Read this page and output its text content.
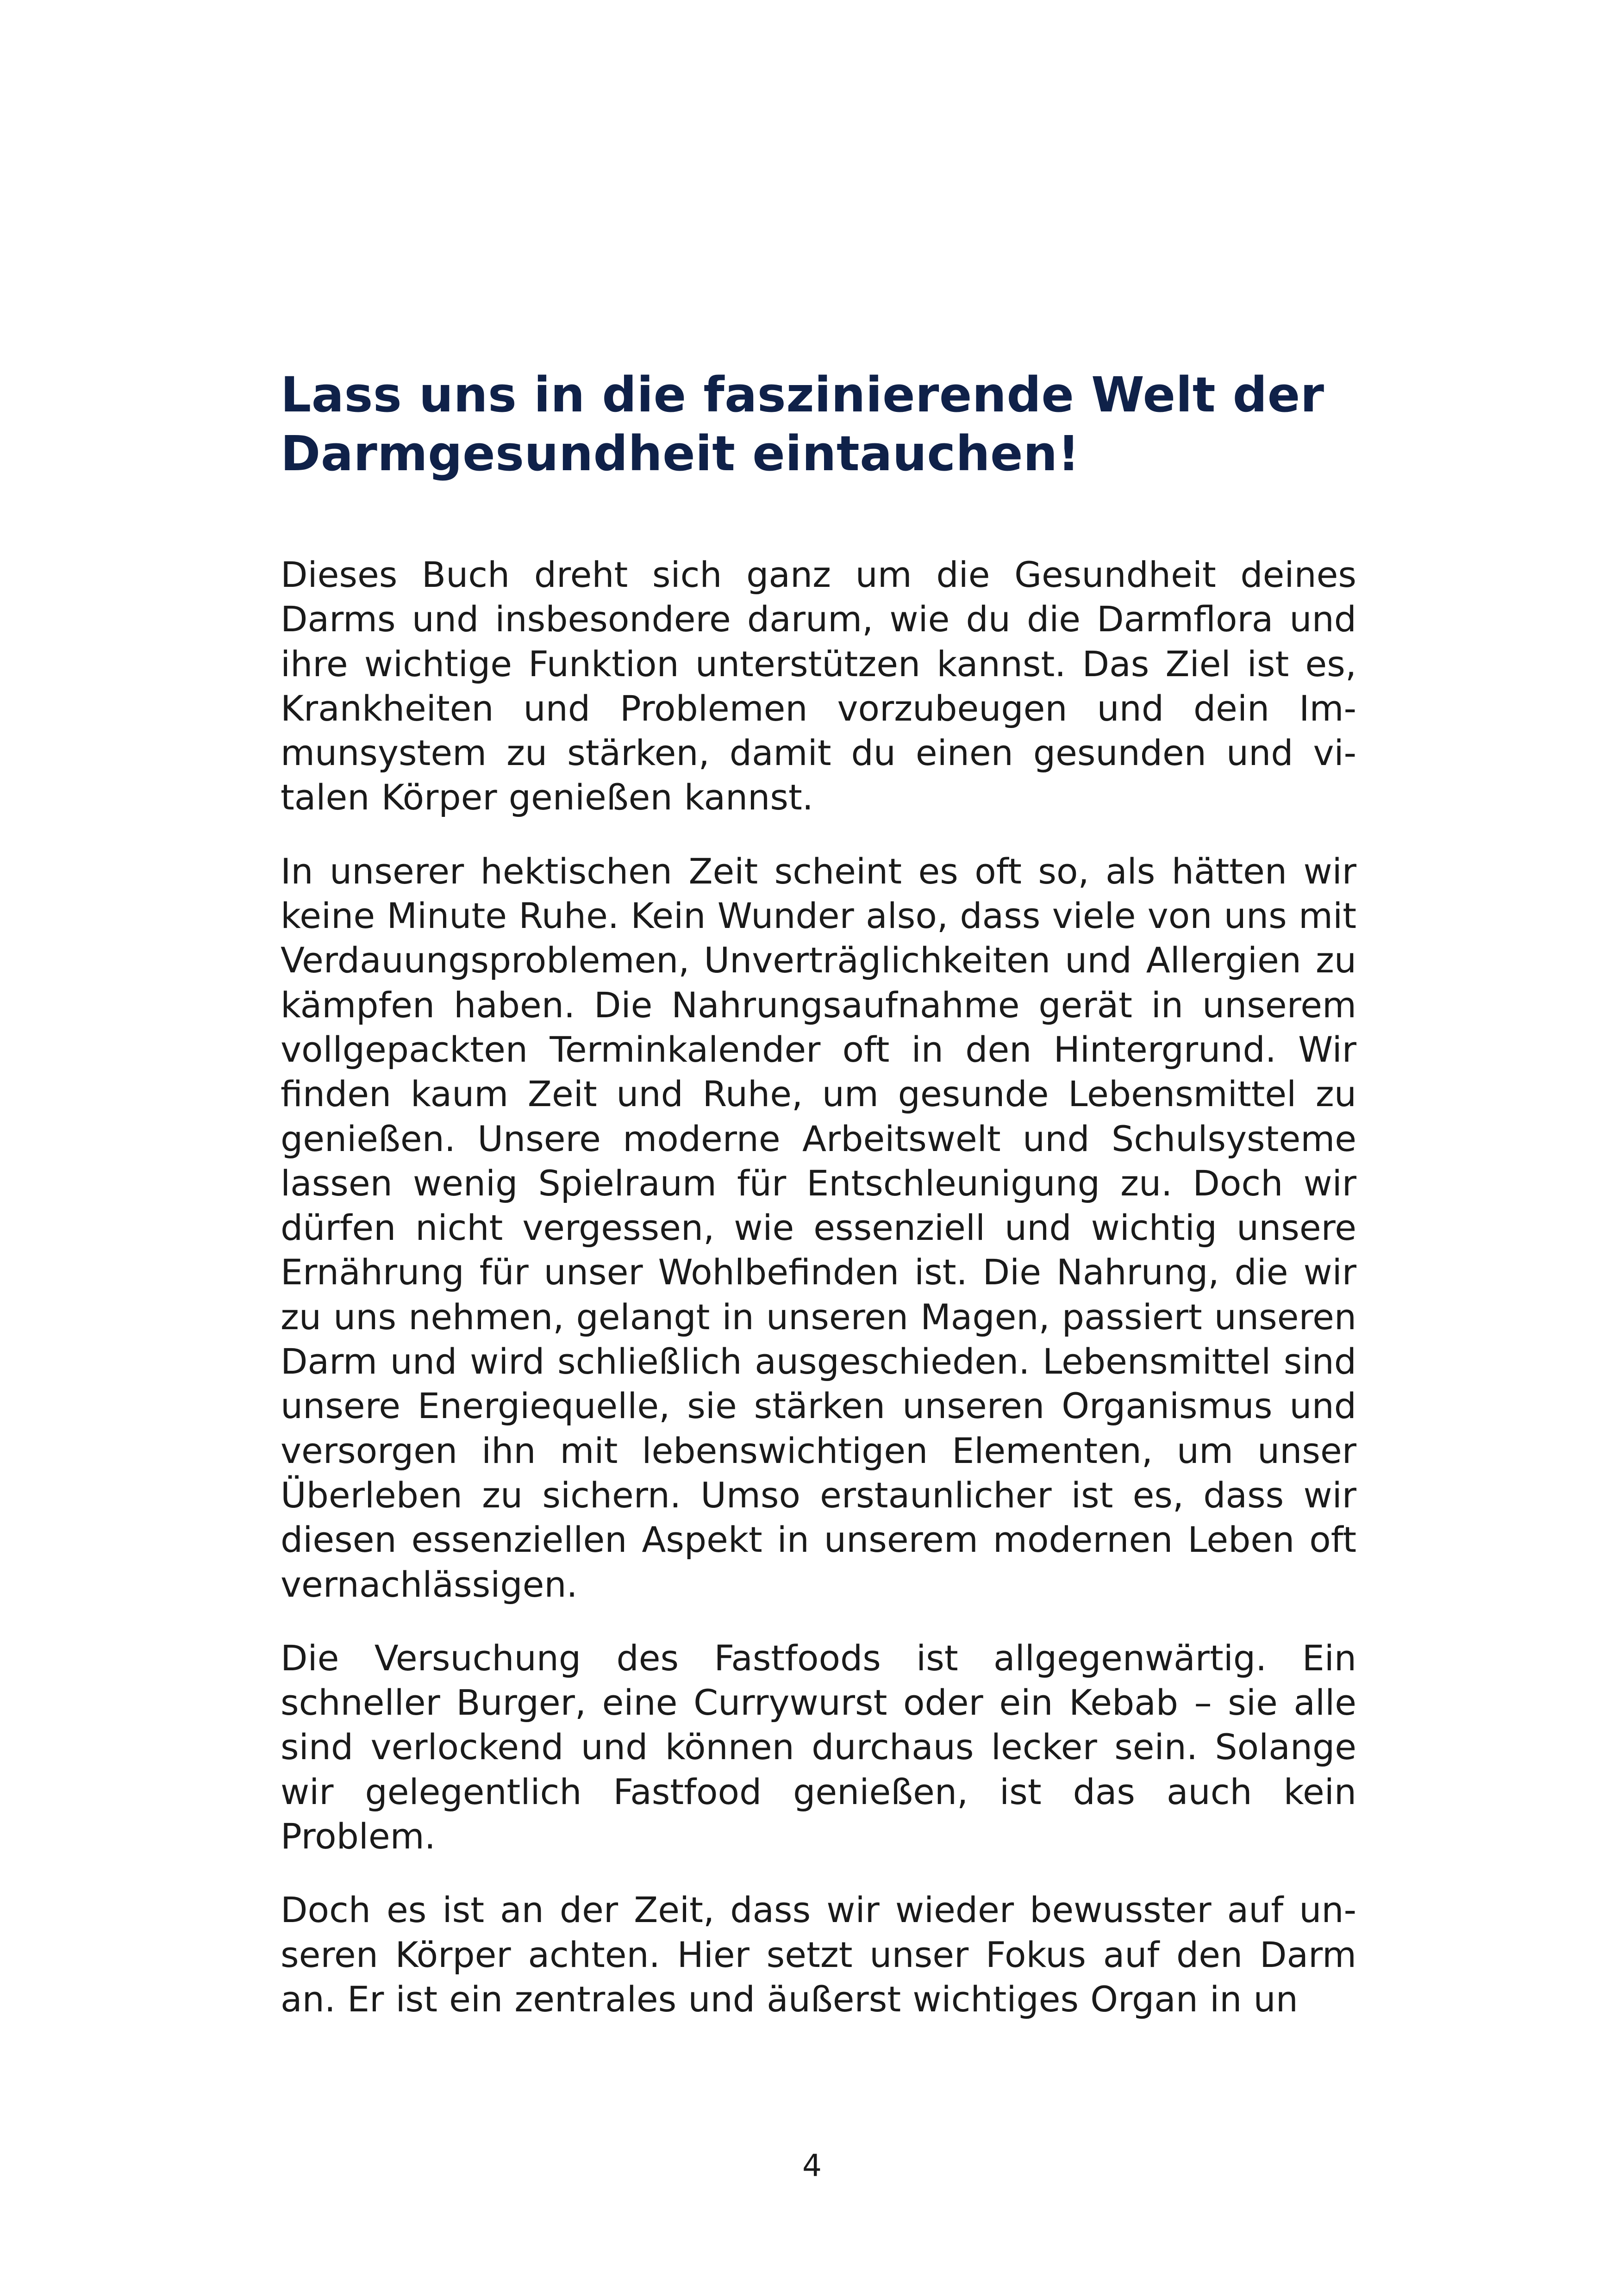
Lass uns in die faszinierende Welt der Darmgesundheit eintauchen!

Dieses Buch dreht sich ganz um die Gesundheit deines Darms und insbesondere darum, wie du die Darmflora und ihre wichtige Funktion unterstützen kannst. Das Ziel ist es, Krankheiten und Problemen vorzubeugen und dein Immunsystem zu stärken, damit du einen gesunden und vitalen Körper genießen kannst.

In unserer hektischen Zeit scheint es oft so, als hätten wir keine Minute Ruhe. Kein Wunder also, dass viele von uns mit Verdauungsproblemen, Unverträglichkeiten und Allergien zu kämpfen haben. Die Nahrungsaufnahme gerät in unserem vollgepackten Terminkalender oft in den Hintergrund. Wir finden kaum Zeit und Ruhe, um gesunde Lebensmittel zu genießen. Unsere moderne Arbeitswelt und Schulsysteme lassen wenig Spielraum für Entschleunigung zu. Doch wir dürfen nicht vergessen, wie essenziell und wichtig unsere Ernährung für unser Wohlbefinden ist. Die Nahrung, die wir zu uns nehmen, gelangt in unseren Magen, passiert unseren Darm und wird schließlich ausgeschieden. Lebensmittel sind unsere Energiequelle, sie stärken unseren Organismus und versorgen ihn mit lebenswichtigen Elementen, um unser Überleben zu sichern. Umso erstaunlicher ist es, dass wir diesen essenziellen Aspekt in unserem modernen Leben oft vernachlässigen.

Die Versuchung des Fastfoods ist allgegenwärtig. Ein schneller Burger, eine Currywurst oder ein Kebab – sie alle sind verlockend und können durchaus lecker sein. Solange wir gelegentlich Fastfood genießen, ist das auch kein Problem.

Doch es ist an der Zeit, dass wir wieder bewusster auf unseren Körper achten. Hier setzt unser Fokus auf den Darm an. Er ist ein zentrales und äußerst wichtiges Organ in un

4
